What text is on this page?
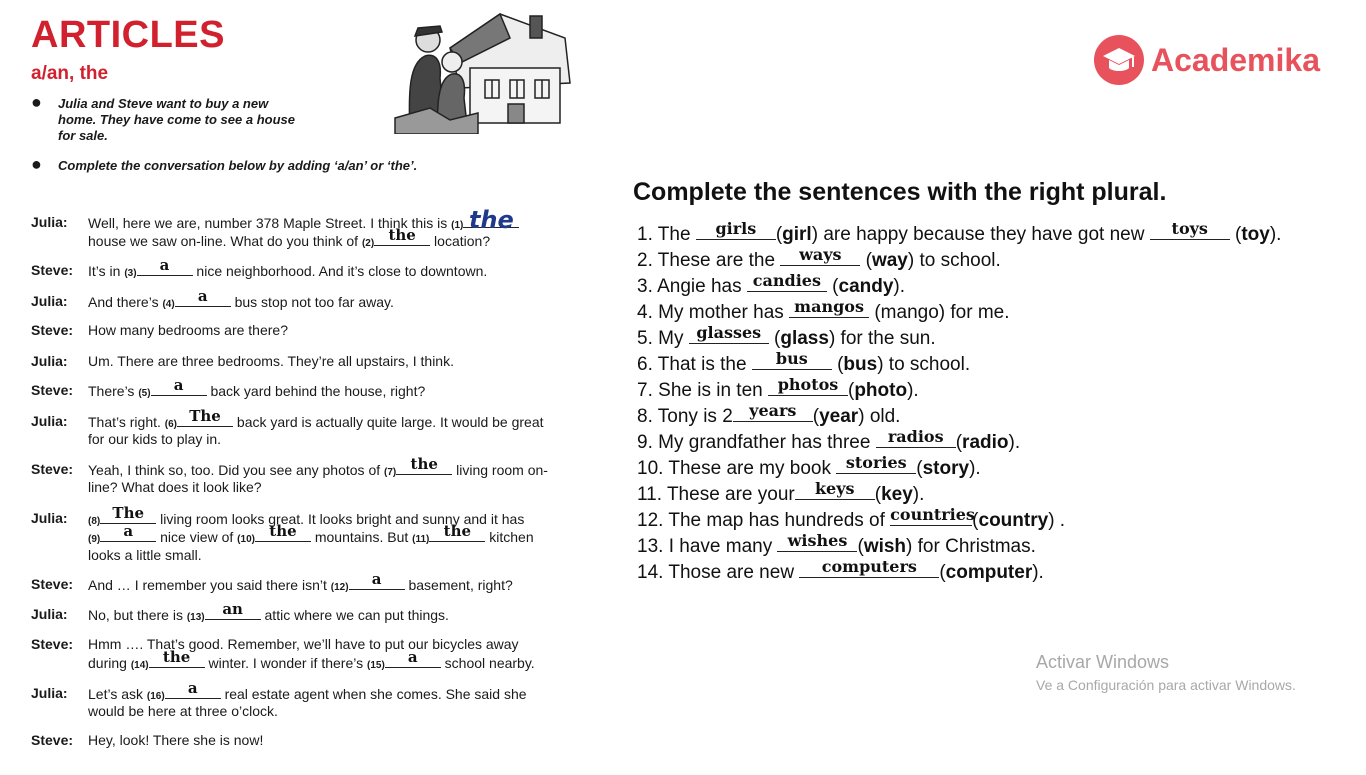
ARTICLES
a/an, the
● Julia and Steve want to buy a new home. They have come to see a house for sale.
● Complete the conversation below by adding ‘a/an’ or ‘the’.
Julia: Well, here we are, number 378 Maple Street. I think this is (1) the
house we saw on-line. What do you think of (2) the	location?
Steve: It’s in (3)	a	nice neighborhood. And it’s close to downtown.
Julia: And there’s (4)	a	bus stop not too far away.
Steve: How many bedrooms are there?
Julia: Um. There are three bedrooms. They’re all upstairs, I think.
Steve: There’s (5)	a	back yard behind the house, right?
Julia: That’s right. (6) The back yard is actually quite large. It would be great
for our kids to play in.
Steve: Yeah, I think so, too. Did you see any photos of (7) the	living room on-
line? What does it look like?
Julia: (8) The living room looks great. It looks bright and sunny and it has
(9)	a	nice view of (10) the	mountains. But (11) the	kitchen
looks a little small.
Steve: And … I remember you said there isn’t (12)	a	basement, right?
Julia: No, but there is (13)	an	attic where we can put things.
Steve: Hmm …. That’s good. Remember, we’ll have to put our bicycles away
during (14) the	winter. I wonder if there’s (15)	a	school nearby.
Julia: Let’s ask (16)	a	real estate agent when she comes. She said she
would be here at three o’clock.
Steve: Hey, look! There she is now!
Academika
Complete the sentences with the right plural.
1. The	girls	(girl) are happy because they have got new	toys	(toy).
2. These are the	ways (way) to school.
3. Angie has candies (candy).
4. My mother has mangos (mango) for me.
5. My glasses (glass) for the sun.
6. That is the	bus	(bus) to school.
7. She is in ten photos (photo).
8. Tony is 2	years (year) old.
9. My grandfather has three radios (radio).
10. These are my book stories (story).
11. These are your	keys	(key).
12. The map has hundreds of countries
(country) .
13. I have many wishes (wish) for Christmas.
14. Those are new	computers	(computer).
Activar Windows
Ve a Configuración para activar Windows.
